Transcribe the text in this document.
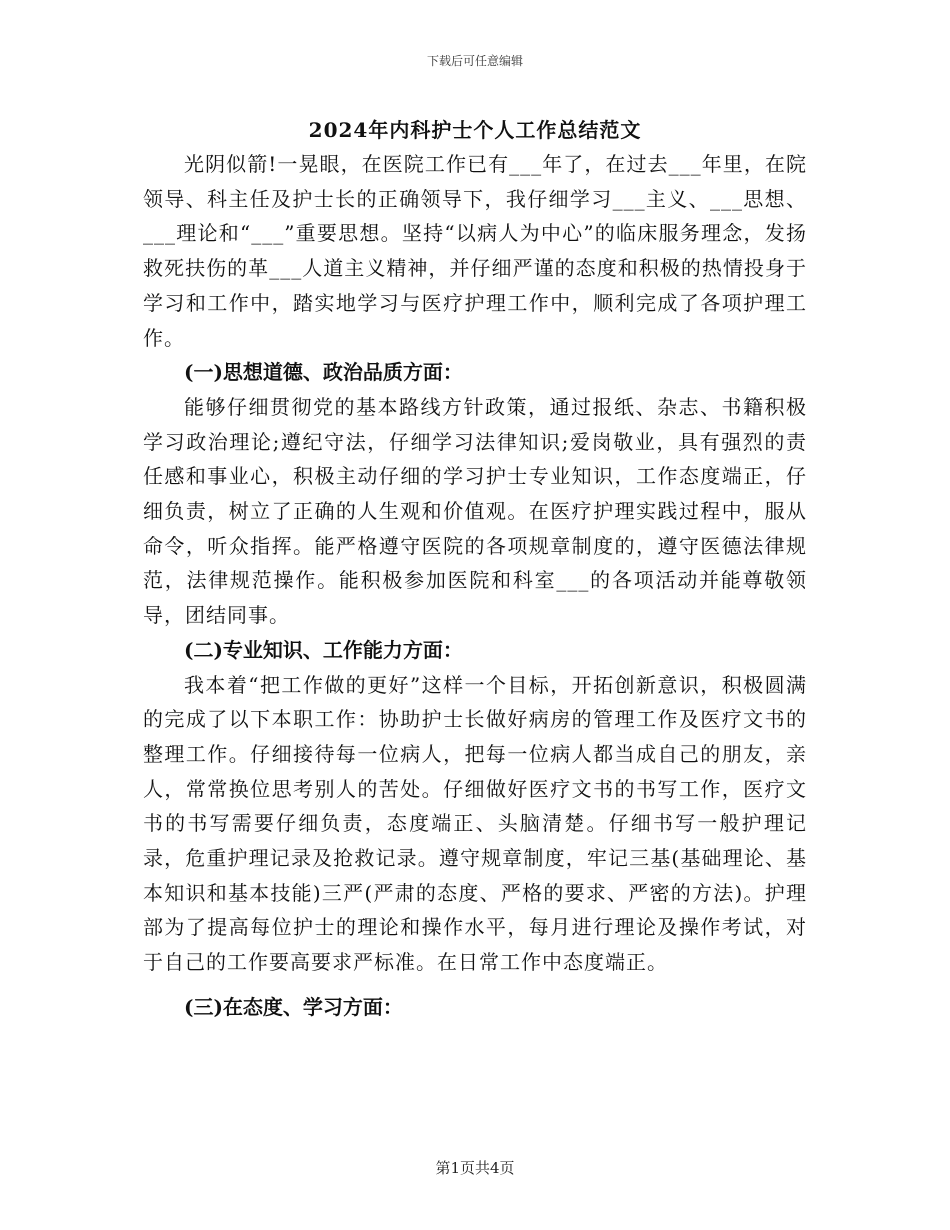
下载后可任意编辑
2024年内科护士个人工作总结范文

光阴似箭!一晃眼，在医院工作已有___年了，在过去___年里，在院领导、科主任及护士长的正确领导下，我仔细学习___主义、___思想、___理论和“___”重要思想。坚持“以病人为中心”的临床服务理念，发扬救死扶伤的革___人道主义精神，并仔细严谨的态度和积极的热情投身于学习和工作中，踏实地学习与医疗护理工作中，顺利完成了各项护理工作。

(一)思想道德、政治品质方面：

能够仔细贯彻党的基本路线方针政策，通过报纸、杂志、书籍积极学习政治理论;遵纪守法，仔细学习法律知识;爱岗敬业，具有强烈的责任感和事业心，积极主动仔细的学习护士专业知识，工作态度端正，仔细负责，树立了正确的人生观和价值观。在医疗护理实践过程中，服从命令，听众指挥。能严格遵守医院的各项规章制度的，遵守医德法律规范，法律规范操作。能积极参加医院和科室___的各项活动并能尊敬领导，团结同事。

(二)专业知识、工作能力方面：

我本着“把工作做的更好”这样一个目标，开拓创新意识，积极圆满的完成了以下本职工作：协助护士长做好病房的管理工作及医疗文书的整理工作。仔细接待每一位病人，把每一位病人都当成自己的朋友，亲人，常常换位思考别人的苦处。仔细做好医疗文书的书写工作，医疗文书的书写需要仔细负责，态度端正、头脑清楚。仔细书写一般护理记录，危重护理记录及抢救记录。遵守规章制度，牢记三基(基础理论、基本知识和基本技能)三严(严肃的态度、严格的要求、严密的方法)。护理部为了提高每位护士的理论和操作水平，每月进行理论及操作考试，对于自己的工作要高要求严标准。在日常工作中态度端正。

(三)在态度、学习方面：

第1页共4页
